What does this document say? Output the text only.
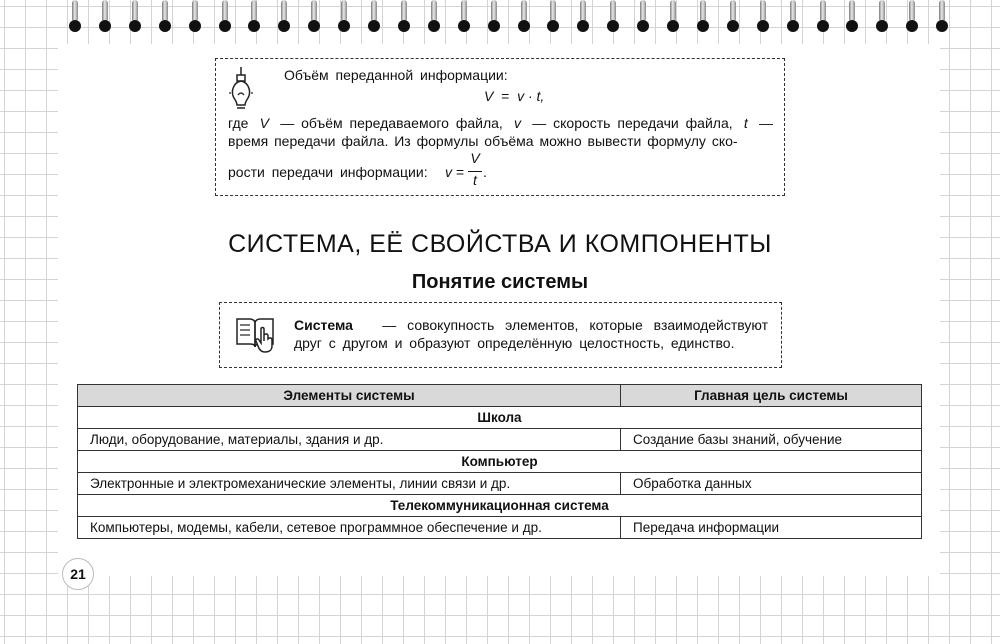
Объём переданной информации:
V = v · t,
где V — объём передаваемого файла, v — скорость передачи файла, t —
время передачи файла. Из формулы объёма можно вывести формулу ско-
рости передачи информации: v =
V
t .
СИСТЕМА, ЕЁ СВОЙСТВА И КОМПОНЕНТЫ
Понятие системы
Система — совокупность элементов, которые взаимодействуют
друг с другом и образуют определённую целостность, единство.
Элементы системы	Главная цель системы
Школа	
Люди, оборудование, материалы, здания и др.	Создание базы знаний, обучение
Компьютер	
Электронные и электромеханические элементы, линии связи и др.	Обработка данных
Телекоммуникационная система	
Компьютеры, модемы, кабели, сетевое программное обеспечение и др.	Передача информации
21
